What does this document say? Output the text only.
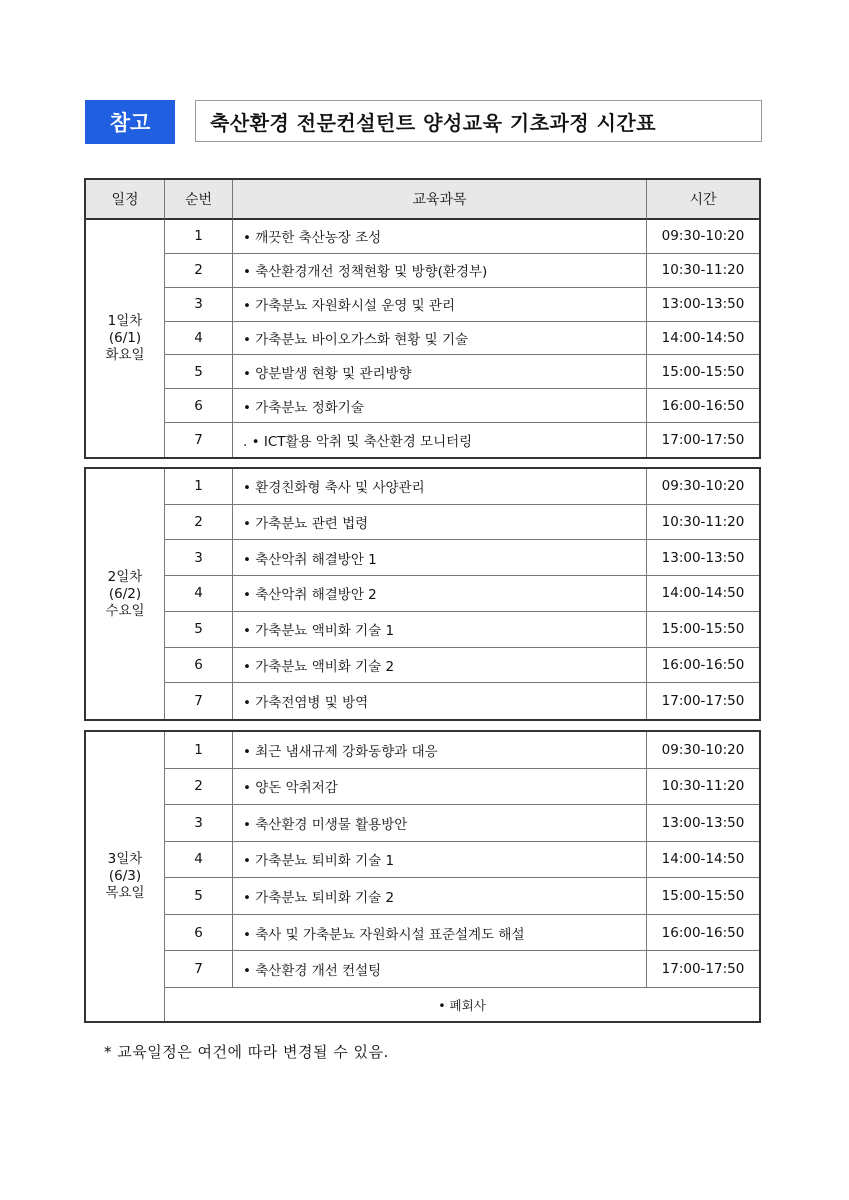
참고	축산환경 전문컨설턴트 양성교육 기초과정 시간표
일정	순번	교육과목	시간
1일차
(6/1)
화요일
1	• 깨끗한 축산농장 조성	09:30-10:20
2	• 축산환경개선 정책현황 및 방향(환경부)	10:30-11:20
3	• 가축분뇨 자원화시설 운영 및 관리	13:00-13:50
4	• 가축분뇨 바이오가스화 현황 및 기술	14:00-14:50
5	• 양분발생 현황 및 관리방향	15:00-15:50
6	• 가축분뇨 정화기술	16:00-16:50
7	. • ICT활용 악취 및 축산환경 모니터링	17:00-17:50
2일차
(6/2)
수요일
1	• 환경친화형 축사 및 사양관리	09:30-10:20
2	• 가축분뇨 관련 법령	10:30-11:20
3	• 축산악취 해결방안 1	13:00-13:50
4	• 축산악취 해결방안 2	14:00-14:50
5	• 가축분뇨 액비화 기술 1	15:00-15:50
6	• 가축분뇨 액비화 기술 2	16:00-16:50
7	• 가축전염병 및 방역	17:00-17:50
3일차
(6/3)
목요일
1	• 최근 냄새규제 강화동향과 대응	09:30-10:20
2	• 양돈 악취저감	10:30-11:20
3	• 축산환경 미생물 활용방안	13:00-13:50
4	• 가축분뇨 퇴비화 기술 1	14:00-14:50
5	• 가축분뇨 퇴비화 기술 2	15:00-15:50
6	• 축사 및 가축분뇨 자원화시설 표준설계도 해설	16:00-16:50
7	• 축산환경 개선 컨설팅	17:00-17:50
• 폐회사
* 교육일정은 여건에 따라 변경될 수 있음.
